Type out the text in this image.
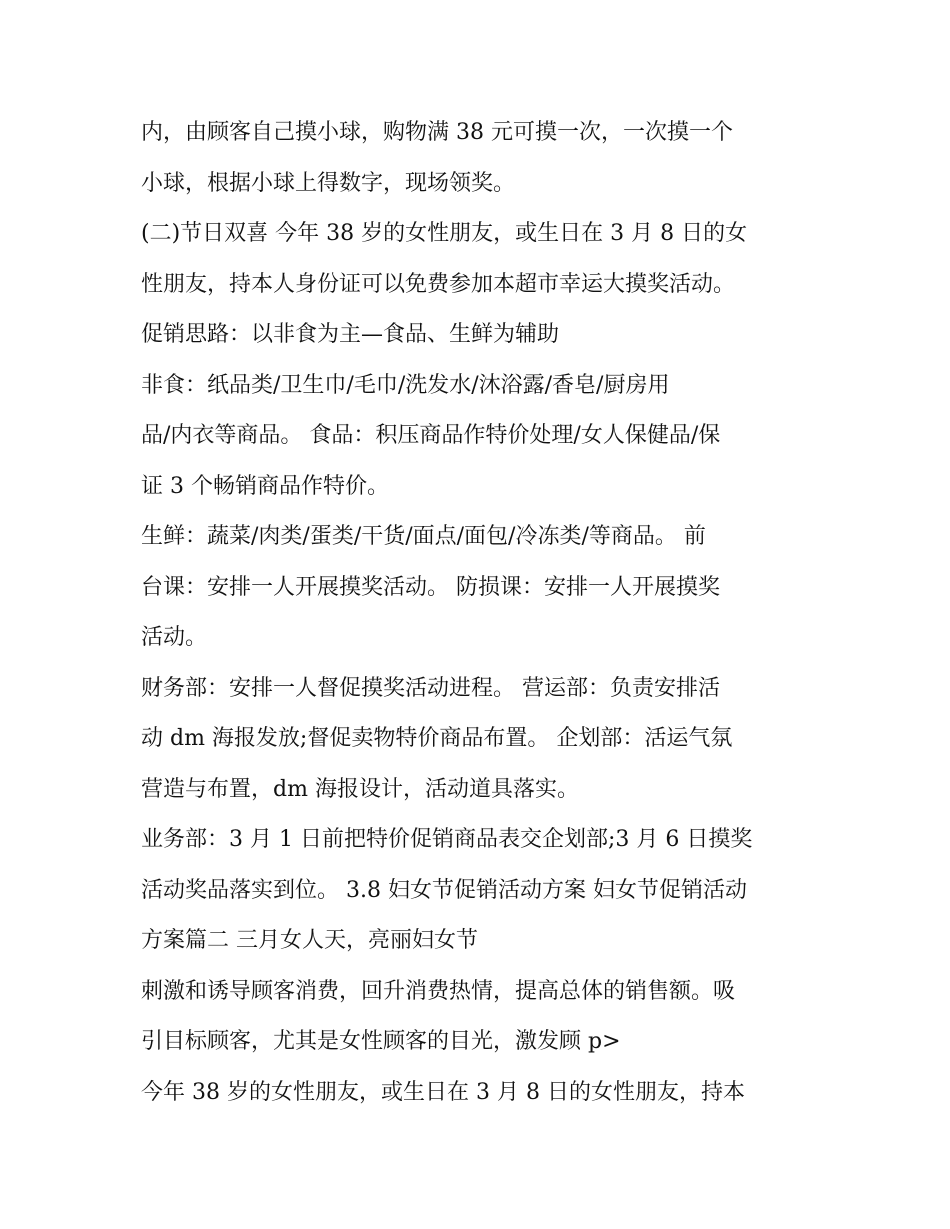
内，由顾客自己摸小球，购物满 38 元可摸一次，一次摸一个
小球，根据小球上得数字，现场领奖。
(二)节日双喜 今年 38 岁的女性朋友，或生日在 3 月 8 日的女
性朋友，持本人身份证可以免费参加本超市幸运大摸奖活动。
促销思路：以非食为主—食品、生鲜为辅助
非食：纸品类/卫生巾/毛巾/洗发水/沐浴露/香皂/厨房用
品/内衣等商品。 食品：积压商品作特价处理/女人保健品/保
证 3 个畅销商品作特价。
生鲜：蔬菜/肉类/蛋类/干货/面点/面包/冷冻类/等商品。 前
台课：安排一人开展摸奖活动。 防损课：安排一人开展摸奖
活动。
财务部：安排一人督促摸奖活动进程。 营运部：负责安排活
动 dm 海报发放;督促卖物特价商品布置。 企划部：活运气氛
营造与布置，dm 海报设计，活动道具落实。
业务部：3 月 1 日前把特价促销商品表交企划部;3 月 6 日摸奖
活动奖品落实到位。 3.8 妇女节促销活动方案 妇女节促销活动
方案篇二 三月女人天，亮丽妇女节
刺激和诱导顾客消费，回升消费热情，提高总体的销售额。吸
引目标顾客，尤其是女性顾客的目光，激发顾 p>
今年 38 岁的女性朋友，或生日在 3 月 8 日的女性朋友，持本
